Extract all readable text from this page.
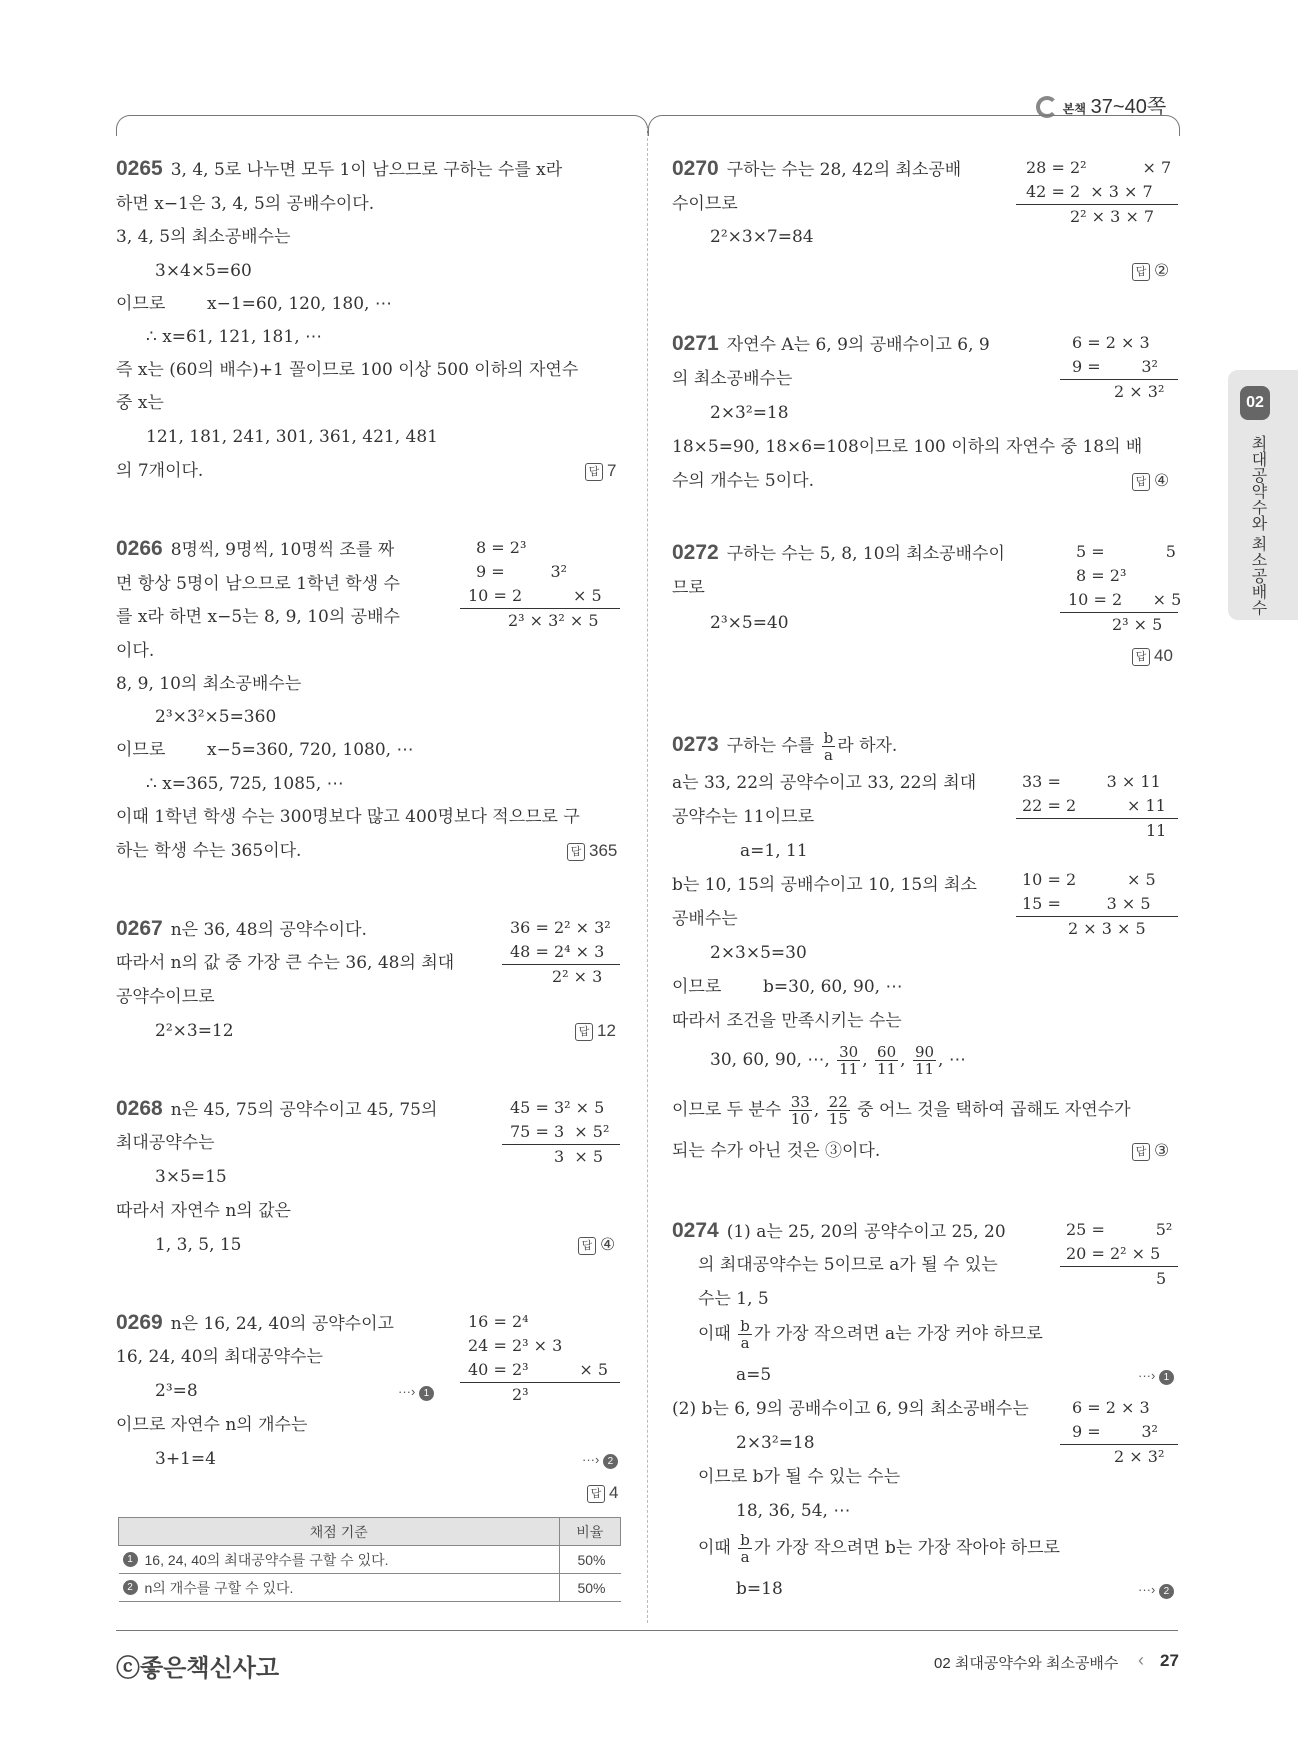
본책 37~40쪽
02
최대공약수와 최소공배수
0265 3, 4, 5로 나누면 모두 1이 남으므로 구하는 수를 x라
하면 x−1은 3, 4, 5의 공배수이다.
3, 4, 5의 최소공배수는
3×4×5=60
이므로 x−1=60, 120, 180, ⋯
∴ x=61, 121, 181, ⋯
즉 x는 (60의 배수)+1 꼴이므로 100 이상 500 이하의 자연수
중 x는
121, 181, 241, 301, 361, 421, 481
의 7개이다.	답 7
0266 8명씩, 9명씩, 10명씩 조를 짜
면 항상 5명이 남으므로 1학년 학생 수
를 x라 하면 x−5는 8, 9, 10의 공배수
이다.
8, 9, 10의 최소공배수는
2³×3²×5=360
이므로 x−5=360, 720, 1080, ⋯
∴ x=365, 725, 1085, ⋯
이때 1학년 학생 수는 300명보다 많고 400명보다 적으므로 구
하는 학생 수는 365이다.	답 365
8 = 2³
9 =         3²
10 = 2          × 5
2³ × 3² × 5
0267 n은 36, 48의 공약수이다.
따라서 n의 값 중 가장 큰 수는 36, 48의 최대
공약수이므로
2²×3=12	답 12
36 = 2² × 3²
48 = 2⁴ × 3
2² × 3
0268 n은 45, 75의 공약수이고 45, 75의
최대공약수는
3×5=15
따라서 자연수 n의 값은
1, 3, 5, 15	답 ④
45 = 3² × 5
75 = 3  × 5²
3  × 5
0269 n은 16, 24, 40의 공약수이고
16, 24, 40의 최대공약수는
2³=8	···› 1
이므로 자연수 n의 개수는
3+1=4	···› 2
답 4
16 = 2⁴
24 = 2³ × 3
40 = 2³          × 5
2³
채점 기준	비율

1 16, 24, 40의 최대공약수를 구할 수 있다.	50%

2 n의 개수를 구할 수 있다.	50%
0270 구하는 수는 28, 42의 최소공배
수이므로
2²×3×7=84
답 ②
28 = 2²           × 7
42 = 2  × 3 × 7
2² × 3 × 7
0271 자연수 A는 6, 9의 공배수이고 6, 9
의 최소공배수는
2×3²=18
18×5=90, 18×6=108이므로 100 이하의 자연수 중 18의 배
수의 개수는 5이다.	답 ④
6 = 2 × 3
9 =        3²
2 × 3²
0272 구하는 수는 5, 8, 10의 최소공배수이
므로
2³×5=40
답 40
5 =            5
8 = 2³
10 = 2      × 5
2³ × 5
0273 구하는 수를 $\frac{b}{a}$ 라 하자.
a는 33, 22의 공약수이고 33, 22의 최대
공약수는 11이므로
a=1, 11
b는 10, 15의 공배수이고 10, 15의 최소
공배수는
2×3×5=30
이므로 b=30, 60, 90, ⋯
따라서 조건을 만족시키는 수는
30, 60, 90, ⋯, $\frac{30}{11}$ , $\frac{60}{11}$ , $\frac{90}{11}$ , ⋯
이므로 두 분수 $\frac{33}{10}$ , $\frac{22}{15}$ 중 어느 것을 택하여 곱해도 자연수가
되는 수가 아닌 것은 ③이다.	답 ③
33 =         3 × 11
22 = 2          × 11
11
10 = 2          × 5
15 =         3 × 5
2 × 3 × 5
0274 (1) a는 25, 20의 공약수이고 25, 20
의 최대공약수는 5이므로 a가 될 수 있는
수는 1, 5
이때 $\frac{b}{a}$ 가 가장 작으려면 a는 가장 커야 하므로
a=5	···› 1
(2) b는 6, 9의 공배수이고 6, 9의 최소공배수는
2×3²=18
이므로 b가 될 수 있는 수는
18, 36, 54, ⋯
이때 $\frac{b}{a}$ 가 가장 작으려면 b는 가장 작아야 하므로
b=18	···› 2
25 =          5²
20 = 2² × 5
5
6 = 2 × 3
9 =        3²
2 × 3²
ⓒ좋은책신사고	02 최대공약수와 최소공배수 ‹ 27
